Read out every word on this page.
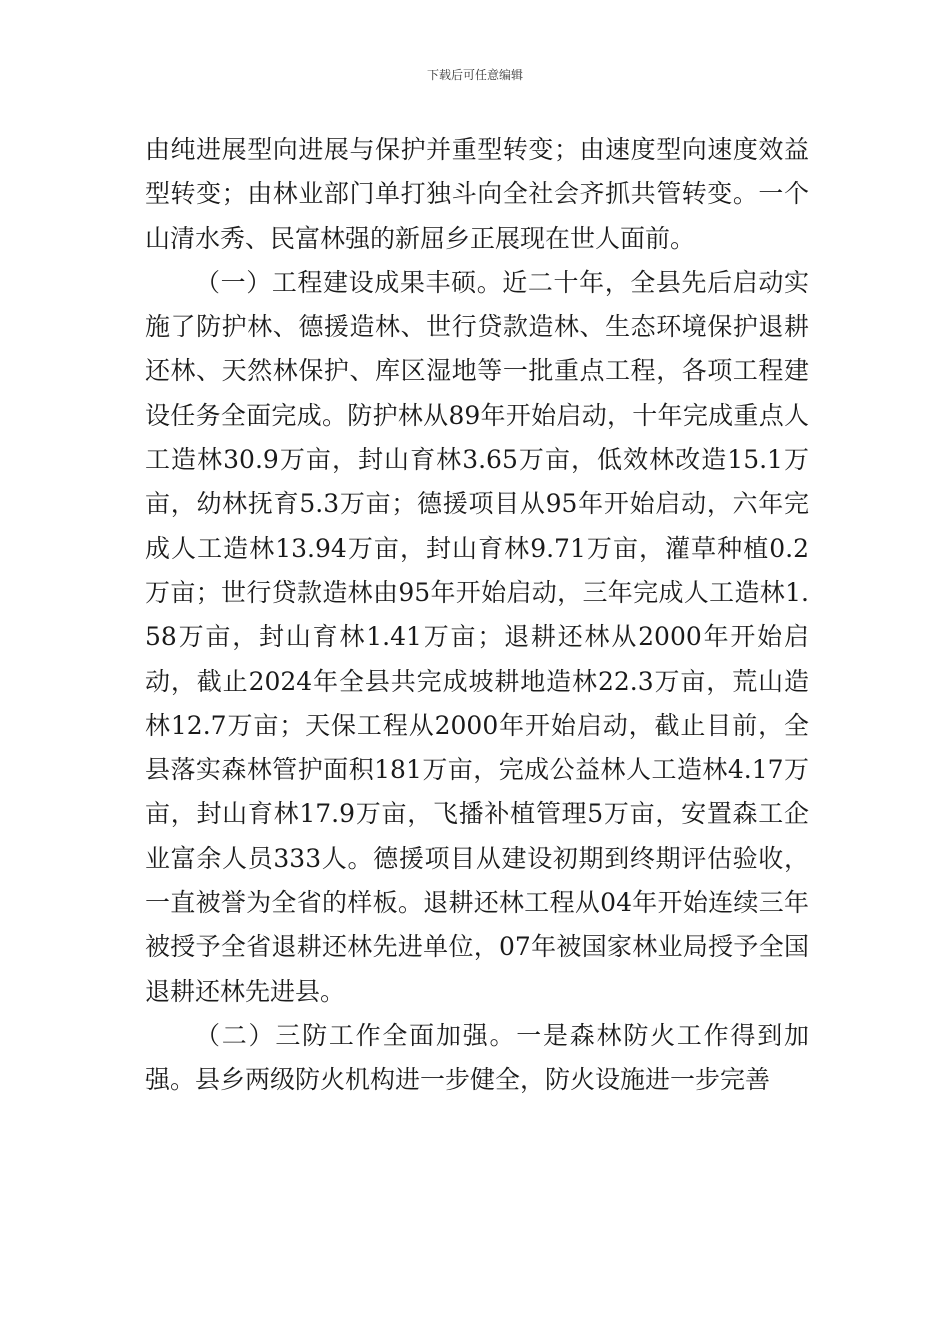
下载后可任意编辑

由纯进展型向进展与保护并重型转变；由速度型向速度效益型转变；由林业部门单打独斗向全社会齐抓共管转变。一个山清水秀、民富林强的新屈乡正展现在世人面前。

（一）工程建设成果丰硕。近二十年，全县先后启动实施了防护林、德援造林、世行贷款造林、生态环境保护退耕还林、天然林保护、库区湿地等一批重点工程，各项工程建设任务全面完成。防护林从89年开始启动，十年完成重点人工造林30.9万亩，封山育林3.65万亩，低效林改造15.1万亩，幼林抚育5.3万亩；德援项目从95年开始启动，六年完成人工造林13.94万亩，封山育林9.71万亩，灌草种植0.2万亩；世行贷款造林由95年开始启动，三年完成人工造林1.58万亩，封山育林1.41万亩；退耕还林从2000年开始启动，截止2024年全县共完成坡耕地造林22.3万亩，荒山造林12.7万亩；天保工程从2000年开始启动，截止目前，全县落实森林管护面积181万亩，完成公益林人工造林4.17万亩，封山育林17.9万亩，飞播补植管理5万亩，安置森工企业富余人员333人。德援项目从建设初期到终期评估验收，一直被誉为全省的样板。退耕还林工程从04年开始连续三年被授予全省退耕还林先进单位，07年被国家林业局授予全国退耕还林先进县。

（二）三防工作全面加强。一是森林防火工作得到加强。县乡两级防火机构进一步健全，防火设施进一步完善
